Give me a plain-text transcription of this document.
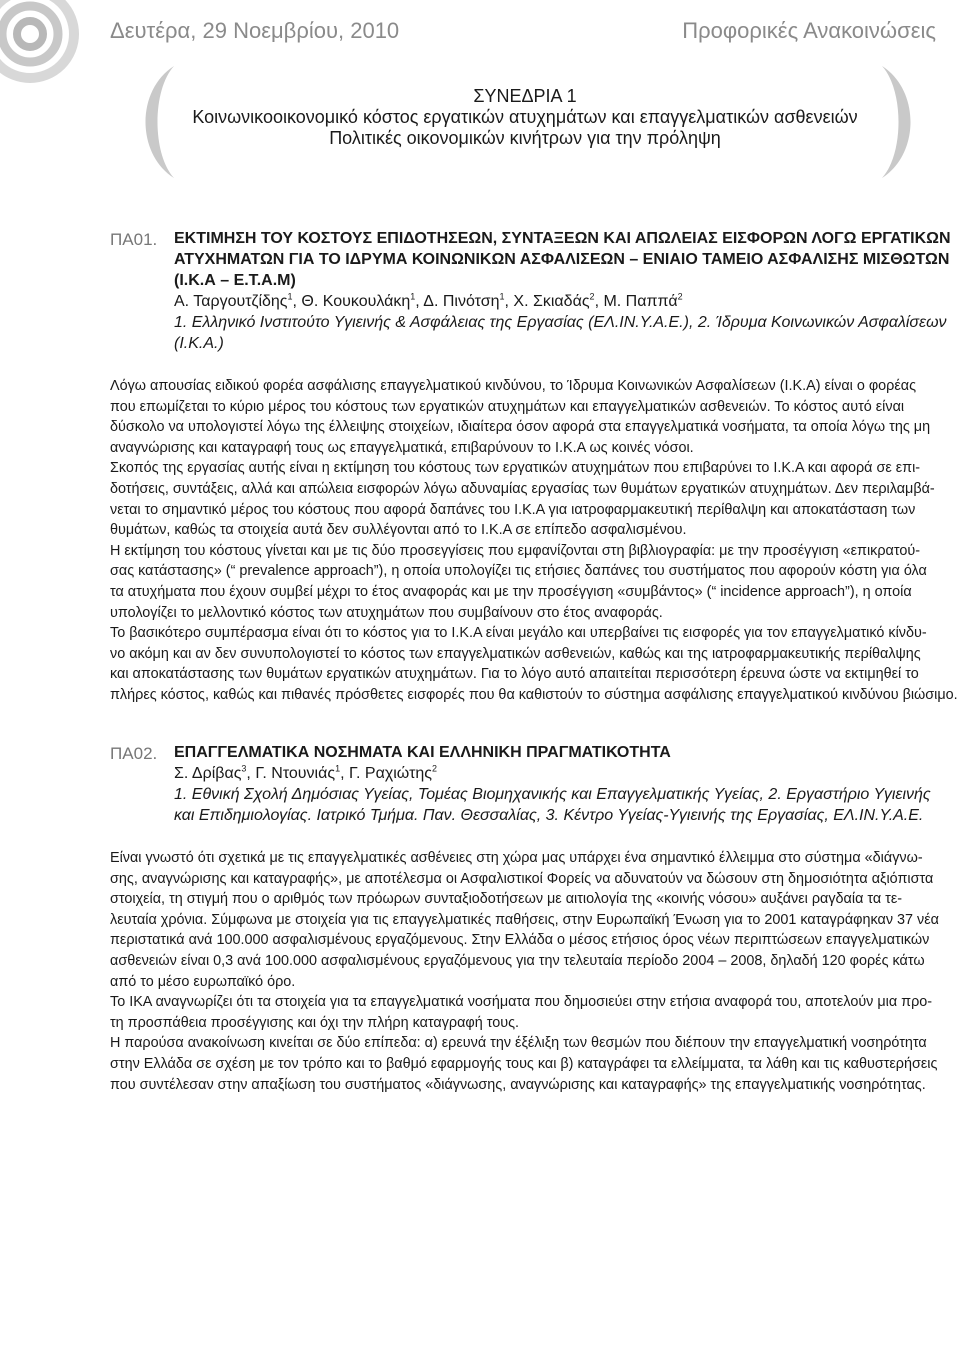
Δευτέρα, 29 Νοεμβρίου, 2010	Προφορικές Ανακοινώσεις
ΣΥΝΕΔΡΙΑ 1
Κοινωνικοοικονομικό κόστος εργατικών ατυχημάτων και επαγγελματικών ασθενειών
Πολιτικές οικονομικών κινήτρων για την πρόληψη
ΠΑ01. ΕΚΤΙΜΗΣΗ ΤΟΥ ΚΟΣΤΟΥΣ ΕΠΙΔΟΤΗΣΕΩΝ, ΣΥΝΤΑΞΕΩΝ ΚΑΙ ΑΠΩΛΕΙΑΣ ΕΙΣΦΟΡΩΝ ΛΟΓΩ ΕΡΓΑΤΙΚΩΝ
ΑΤΥΧΗΜΑΤΩΝ ΓΙΑ ΤΟ ΙΔΡΥΜΑ ΚΟΙΝΩΝΙΚΩΝ ΑΣΦΑΛΙΣΕΩΝ – ΕΝΙΑΙΟ ΤΑΜΕΙΟ ΑΣΦΑΛΙΣΗΣ ΜΙΣΘΩΤΩΝ
(Ι.Κ.Α – Ε.Τ.Α.Μ)
Α. Ταργουτζίδης$^1$, Θ. Κουκουλάκη$^1$, Δ. Πινότση$^1$, Χ. Σκιαδάς$^2$, Μ. Παππά$^2$
1. Ελληνικό Ινστιτούτο Υγιεινής & Ασφάλειας της Εργασίας (ΕΛ.ΙΝ.Υ.Α.Ε.), 2. Ίδρυμα Κοινωνικών Ασφαλίσεων
(Ι.Κ.Α.)
Λόγω απουσίας ειδικού φορέα ασφάλισης επαγγελματικού κινδύνου, το Ίδρυμα Κοινωνικών Ασφαλίσεων (Ι.Κ.Α) είναι ο φορέας
που επωμίζεται το κύριο μέρος του κόστους των εργατικών ατυχημάτων και επαγγελματικών ασθενειών. Το κόστος αυτό είναι
δύσκολο να υπολογιστεί λόγω της έλλειψης στοιχείων, ιδιαίτερα όσον αφορά στα επαγγελματικά νοσήματα, τα οποία λόγω της μη
αναγνώρισης και καταγραφή τους ως επαγγελματικά, επιβαρύνουν το Ι.Κ.Α ως κοινές νόσοι.
Σκοπός της εργασίας αυτής είναι η εκτίμηση του κόστους των εργατικών ατυχημάτων που επιβαρύνει το Ι.Κ.Α και αφορά σε επι-
δοτήσεις, συντάξεις, αλλά και απώλεια εισφορών λόγω αδυναμίας εργασίας των θυμάτων εργατικών ατυχημάτων. Δεν περιλαμβά-
νεται το σημαντικό μέρος του κόστους που αφορά δαπάνες του Ι.Κ.Α για ιατροφαρμακευτική περίθαλψη και αποκατάσταση των
θυμάτων, καθώς τα στοιχεία αυτά δεν συλλέγονται από το Ι.Κ.Α σε επίπεδο ασφαλισμένου.
Η εκτίμηση του κόστους γίνεται και με τις δύο προσεγγίσεις που εμφανίζονται στη βιβλιογραφία: με την προσέγγιση «επικρατού-
σας κατάστασης» (“ prevalence approach”), η οποία υπολογίζει τις ετήσιες δαπάνες του συστήματος που αφορούν κόστη για όλα
τα ατυχήματα που έχουν συμβεί μέχρι το έτος αναφοράς και με την προσέγγιση «συμβάντος» (“ incidence approach”), η οποία
υπολογίζει το μελλοντικό κόστος των ατυχημάτων που συμβαίνουν στο έτος αναφοράς.
Το βασικότερο συμπέρασμα είναι ότι το κόστος για το Ι.Κ.Α είναι μεγάλο και υπερβαίνει τις εισφορές για τον επαγγελματικό κίνδυ-
νο ακόμη και αν δεν συνυπολογιστεί το κόστος των επαγγελματικών ασθενειών, καθώς και της ιατροφαρμακευτικής περίθαλψης
και αποκατάστασης των θυμάτων εργατικών ατυχημάτων. Για το λόγο αυτό απαιτείται περισσότερη έρευνα ώστε να εκτιμηθεί το
πλήρες κόστος, καθώς και πιθανές πρόσθετες εισφορές που θα καθιστούν το σύστημα ασφάλισης επαγγελματικού κινδύνου βιώσιμο.
ΠΑ02. ΕΠΑΓΓΕΛΜΑΤΙΚΑ ΝΟΣΗΜΑΤΑ ΚΑΙ ΕΛΛΗΝΙΚΗ ΠΡΑΓΜΑΤΙΚΟΤΗΤΑ
Σ. Δρίβας$^3$, Γ. Ντουνιάς$^1$, Γ. Ραχιώτης$^2$
1. Εθνική Σχολή Δημόσιας Υγείας, Τομέας Βιομηχανικής και Επαγγελματικής Υγείας, 2. Εργαστήριο Υγιεινής
και Επιδημιολογίας. Ιατρικό Τμήμα. Παν. Θεσσαλίας, 3. Κέντρο Υγείας-Υγιεινής της Εργασίας, ΕΛ.ΙΝ.Υ.Α.Ε.
Είναι γνωστό ότι σχετικά με τις επαγγελματικές ασθένειες στη χώρα μας υπάρχει ένα σημαντικό έλλειμμα στο σύστημα «διάγνω-
σης, αναγνώρισης και καταγραφής», με αποτέλεσμα οι Ασφαλιστικοί Φορείς να αδυνατούν να δώσουν στη δημοσιότητα αξιόπιστα
στοιχεία, τη στιγμή που ο αριθμός των πρόωρων συνταξιοδοτήσεων με αιτιολογία της «κοινής νόσου» αυξάνει ραγδαία τα τε-
λευταία χρόνια. Σύμφωνα με στοιχεία για τις επαγγελματικές παθήσεις, στην Ευρωπαϊκή Ένωση για το 2001 καταγράφηκαν 37 νέα
περιστατικά ανά 100.000 ασφαλισμένους εργαζόμενους. Στην Ελλάδα ο μέσος ετήσιος όρος νέων περιπτώσεων επαγγελματικών
ασθενειών είναι 0,3 ανά 100.000 ασφαλισμένους εργαζόμενους για την τελευταία περίοδο 2004 – 2008, δηλαδή 120 φορές κάτω
από το μέσο ευρωπαϊκό όρο.
Το ΙΚΑ αναγνωρίζει ότι τα στοιχεία για τα επαγγελματικά νοσήματα που δημοσιεύει στην ετήσια αναφορά του, αποτελούν μια προ-
τη προσπάθεια προσέγγισης και όχι την πλήρη καταγραφή τους.
Η παρούσα ανακοίνωση κινείται σε δύο επίπεδα: α) ερευνά την έξέλιξη των θεσμών που διέπουν την επαγγελματική νοσηρότητα
στην Ελλάδα σε σχέση με τον τρόπο και το βαθμό εφαρμογής τους και β) καταγράφει τα ελλείμματα, τα λάθη και τις καθυστερήσεις
που συντέλεσαν στην απαξίωση του συστήματος «διάγνωσης, αναγνώρισης και καταγραφής» της επαγγελματικής νοσηρότητας.
